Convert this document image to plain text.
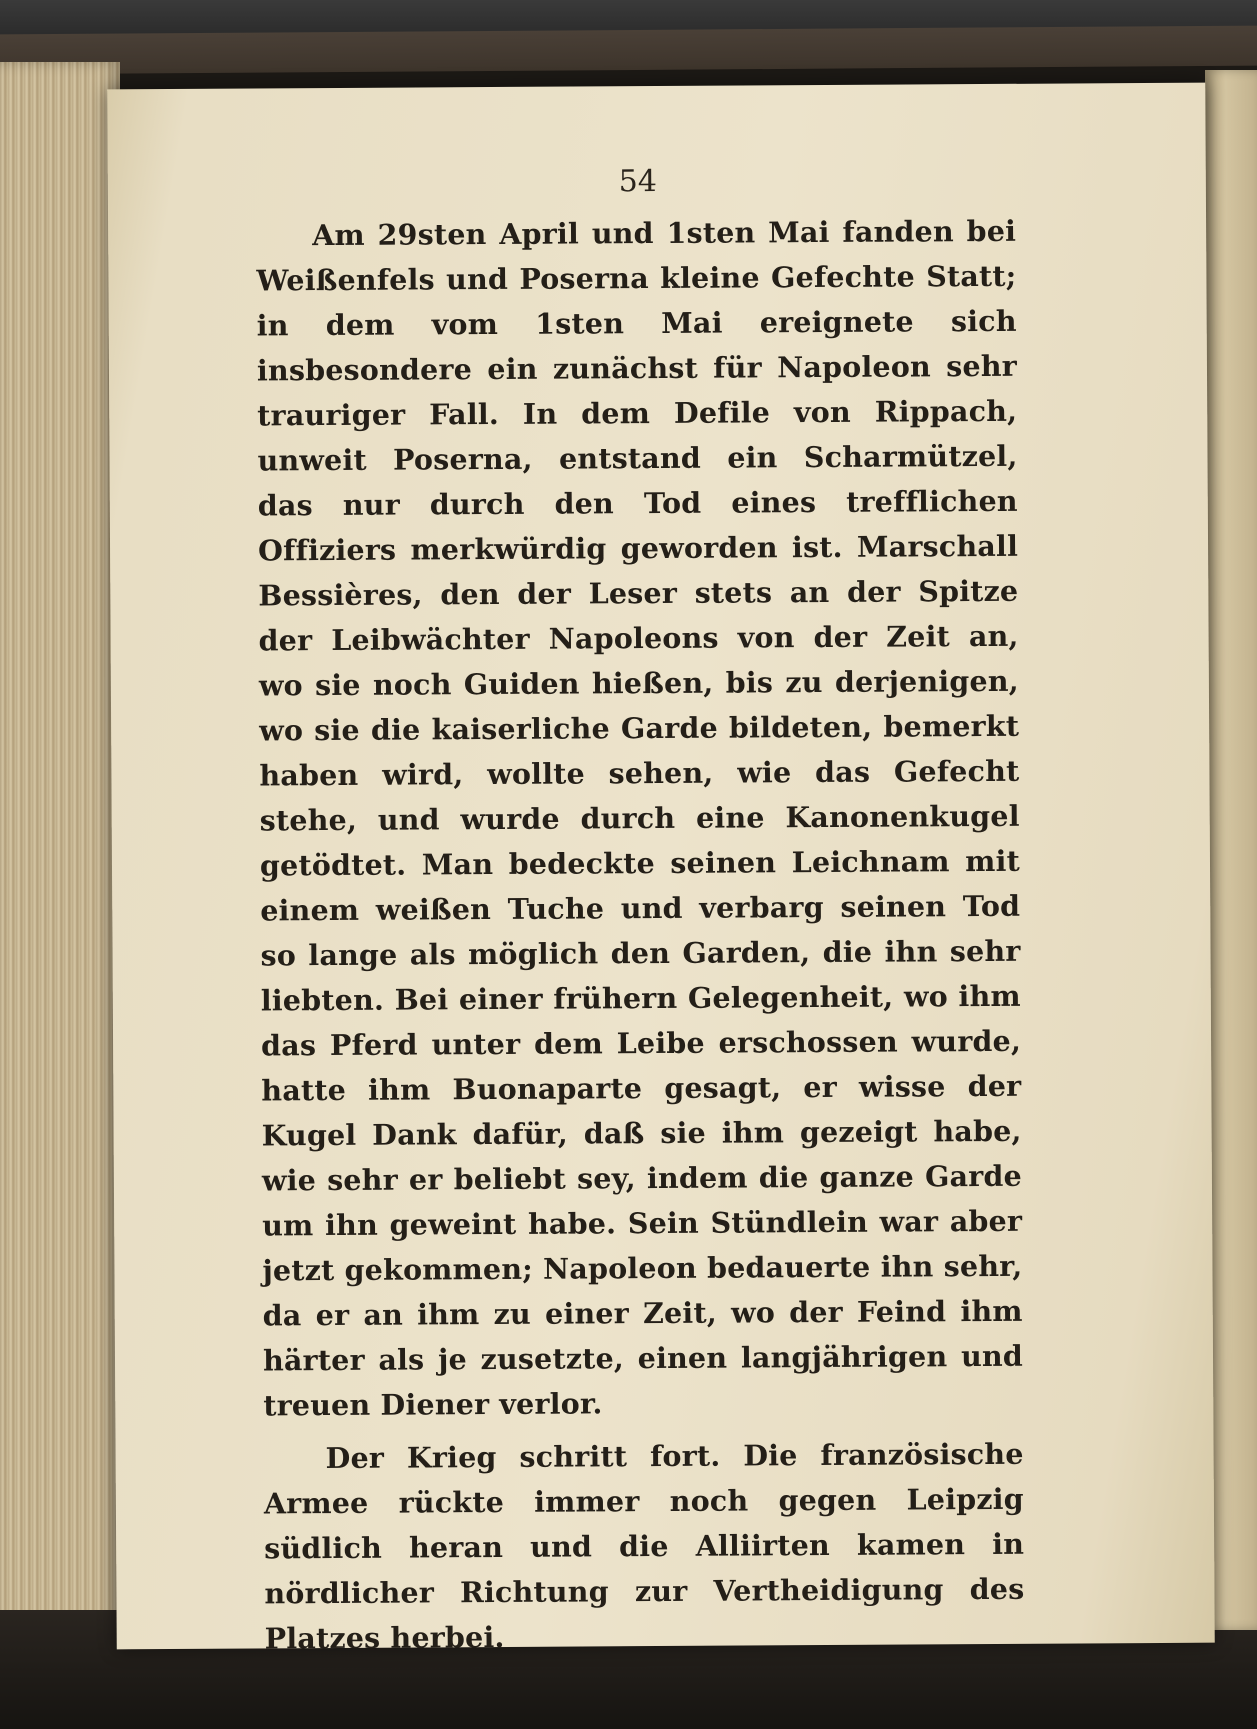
54

Am 29sten April und 1sten Mai fanden bei Weißenfels und Poserna kleine Gefechte Statt; in dem vom 1sten Mai ereignete sich insbesondere ein zunächst für Napoleon sehr trauriger Fall. In dem Defile von Rippach, unweit Poserna, entstand ein Scharmützel, das nur durch den Tod eines trefflichen Offiziers merkwürdig geworden ist. Marschall Bessières, den der Leser stets an der Spitze der Leibwächter Napoleons von der Zeit an, wo sie noch Guiden hießen, bis zu derjenigen, wo sie die kaiserliche Garde bildeten, bemerkt haben wird, wollte sehen, wie das Gefecht stehe, und wurde durch eine Kanonenkugel getödtet. Man bedeckte seinen Leichnam mit einem weißen Tuche und verbarg seinen Tod so lange als möglich den Garden, die ihn sehr liebten. Bei einer frühern Gelegenheit, wo ihm das Pferd unter dem Leibe erschossen wurde, hatte ihm Buonaparte gesagt, er wisse der Kugel Dank dafür, daß sie ihm gezeigt habe, wie sehr er beliebt sey, indem die ganze Garde um ihn geweint habe. Sein Stündlein war aber jetzt gekommen; Napoleon bedauerte ihn sehr, da er an ihm zu einer Zeit, wo der Feind ihm härter als je zusetzte, einen langjährigen und treuen Diener verlor.

Der Krieg schritt fort. Die französische Armee rückte immer noch gegen Leipzig südlich heran und die Alliirten kamen in nördlicher Richtung zur Vertheidigung des Platzes herbei.
